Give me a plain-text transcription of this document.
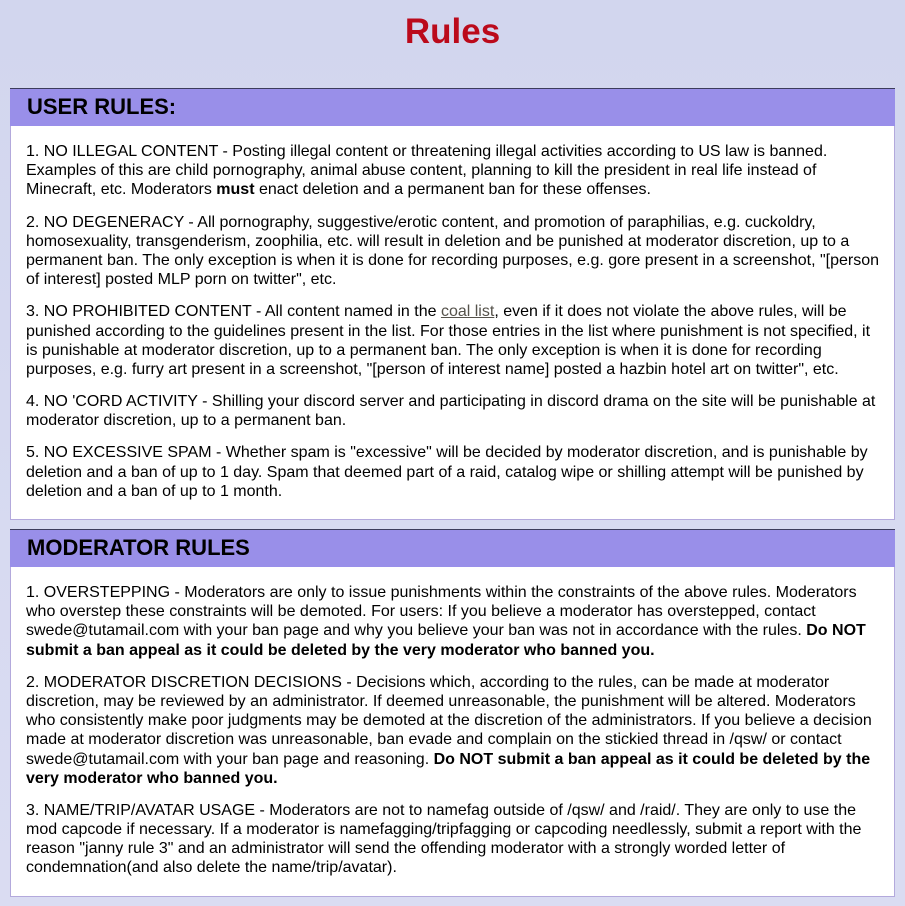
Rules
USER RULES:

1. NO ILLEGAL CONTENT - Posting illegal content or threatening illegal activities according to US law is banned. Examples of this are child pornography, animal abuse content, planning to kill the president in real life instead of Minecraft, etc. Moderators must enact deletion and a permanent ban for these offenses.

2. NO DEGENERACY - All pornography, suggestive/erotic content, and promotion of paraphilias, e.g. cuckoldry, homosexuality, transgenderism, zoophilia, etc. will result in deletion and be punished at moderator discretion, up to a permanent ban. The only exception is when it is done for recording purposes, e.g. gore present in a screenshot, "[person of interest] posted MLP porn on twitter", etc.

3. NO PROHIBITED CONTENT - All content named in the coal list, even if it does not violate the above rules, will be punished according to the guidelines present in the list. For those entries in the list where punishment is not specified, it is punishable at moderator discretion, up to a permanent ban. The only exception is when it is done for recording purposes, e.g. furry art present in a screenshot, "[person of interest name] posted a hazbin hotel art on twitter", etc.

4. NO 'CORD ACTIVITY - Shilling your discord server and participating in discord drama on the site will be punishable at moderator discretion, up to a permanent ban.

5. NO EXCESSIVE SPAM - Whether spam is "excessive" will be decided by moderator discretion, and is punishable by deletion and a ban of up to 1 day. Spam that deemed part of a raid, catalog wipe or shilling attempt will be punished by deletion and a ban of up to 1 month.

MODERATOR RULES

1. OVERSTEPPING - Moderators are only to issue punishments within the constraints of the above rules. Moderators who overstep these constraints will be demoted. For users: If you believe a moderator has overstepped, contact swede@tutamail.com with your ban page and why you believe your ban was not in accordance with the rules. Do NOT submit a ban appeal as it could be deleted by the very moderator who banned you.

2. MODERATOR DISCRETION DECISIONS - Decisions which, according to the rules, can be made at moderator discretion, may be reviewed by an administrator. If deemed unreasonable, the punishment will be altered. Moderators who consistently make poor judgments may be demoted at the discretion of the administrators. If you believe a decision made at moderator discretion was unreasonable, ban evade and complain on the stickied thread in /qsw/ or contact swede@tutamail.com with your ban page and reasoning. Do NOT submit a ban appeal as it could be deleted by the very moderator who banned you.

3. NAME/TRIP/AVATAR USAGE - Moderators are not to namefag outside of /qsw/ and /raid/. They are only to use the mod capcode if necessary. If a moderator is namefagging/tripfagging or capcoding needlessly, submit a report with the reason "janny rule 3" and an administrator will send the offending moderator with a strongly worded letter of condemnation(and also delete the name/trip/avatar).
